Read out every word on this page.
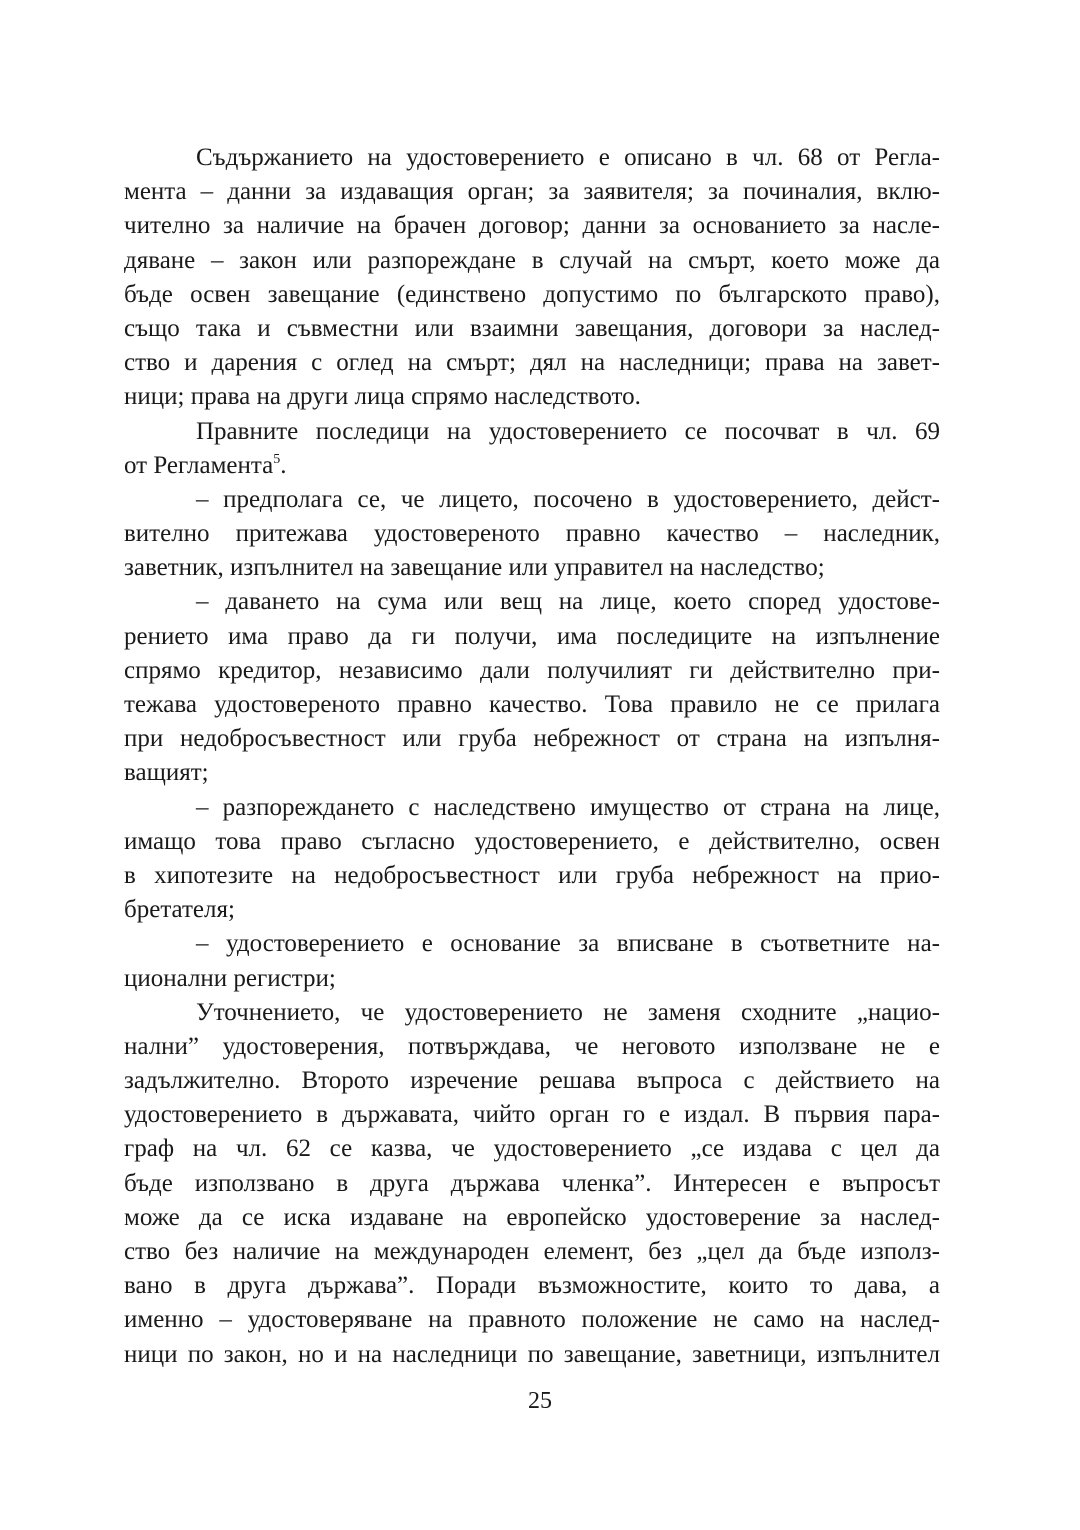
Съдържанието на удостоверението е описано в чл. 68 от Регла-
мента – данни за издаващия орган; за заявителя; за починалия, вклю-
чително за наличие на брачен договор; данни за основанието за насле-
дяване – закон или разпореждане в случай на смърт, което може да
бъде освен завещание (единствено допустимо по българското право),
също така и съвместни или взаимни завещания, договори за наслед-
ство и дарения с оглед на смърт; дял на наследници; права на завет-
ници; права на други лица спрямо наследството.
Правните последици на удостоверението се посочват в чл. 69
от Регламента$^5$.
– предполага се, че лицето, посочено в удостоверението, дейст-
вително притежава удостовереното правно качество – наследник,
заветник, изпълнител на завещание или управител на наследство;
– даването на сума или вещ на лице, което според удостове-
рението има право да ги получи, има последиците на изпълнение
спрямо кредитор, независимо дали получилият ги действително при-
тежава удостовереното правно качество. Това правило не се прилага
при недобросъвестност или груба небрежност от страна на изпълня-
ващият;
– разпореждането с наследствено имущество от страна на лице,
имащо това право съгласно удостоверението, е действително, освен
в хипотезите на недобросъвестност или груба небрежност на прио-
бретателя;
– удостоверението е основание за вписване в съответните на-
ционални регистри;
Уточнението, че удостоверението не заменя сходните „нацио-
нални” удостоверения, потвърждава, че неговото използване не е
задължително. Второто изречение решава въпроса с действието на
удостоверението в държавата, чийто орган го е издал. В първия пара-
граф на чл. 62 се казва, че удостоверението „се издава с цел да
бъде използвано в друга държава членка”. Интересен е въпросът
може да се иска издаване на европейско удостоверение за наслед-
ство без наличие на международен елемент, без „цел да бъде използ-
вано в друга държава”. Поради възможностите, които то дава, а
именно – удостоверяване на правното положение не само на наслед-
ници по закон, но и на наследници по завещание, заветници, изпълнител
25
